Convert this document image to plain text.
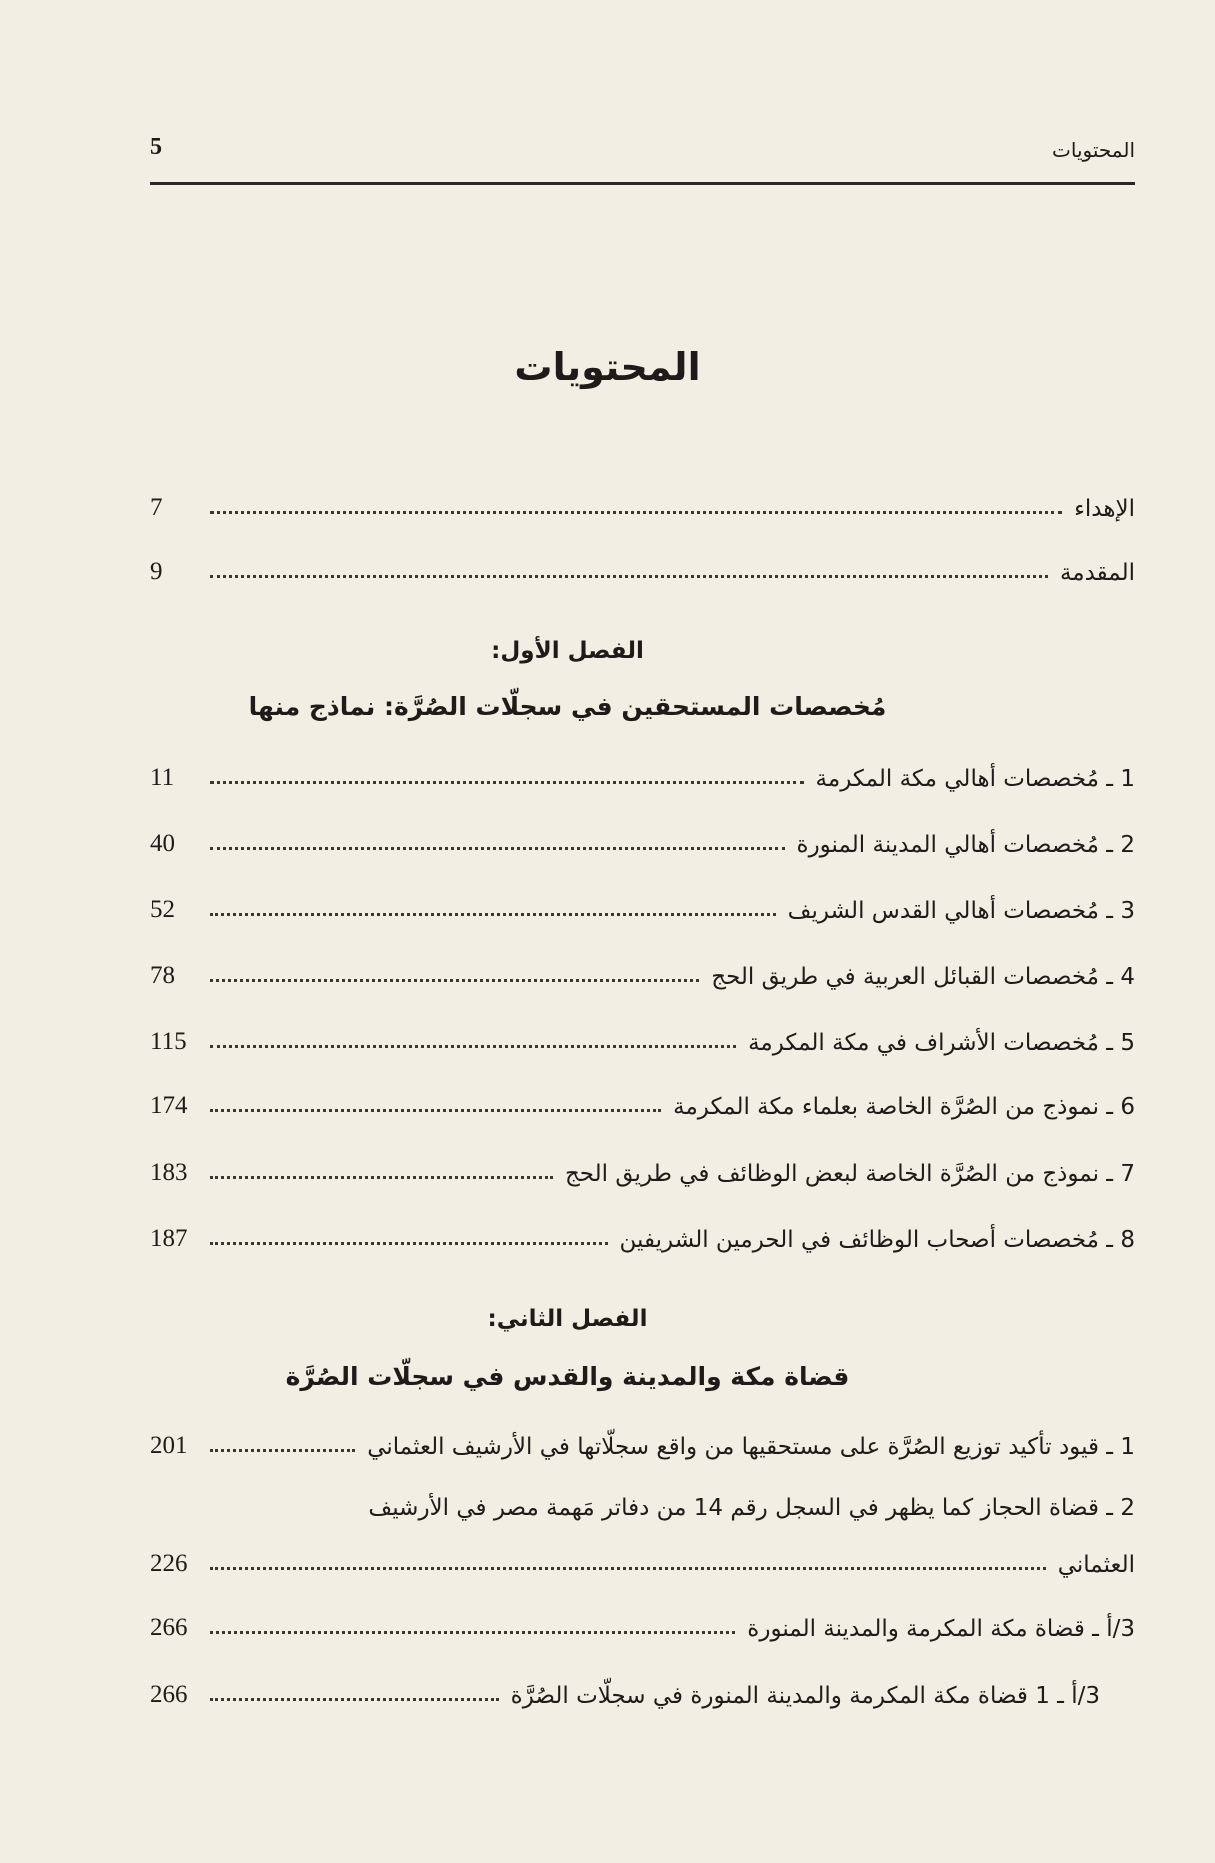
المحتويات
5
المحتويات
الإهداء
7
المقدمة
9
الفصل الأول:
مُخصصات المستحقين في سجلّات الصُرَّة: نماذج منها
1 ـ مُخصصات أهالي مكة المكرمة
11
2 ـ مُخصصات أهالي المدينة المنورة
40
3 ـ مُخصصات أهالي القدس الشريف
52
4 ـ مُخصصات القبائل العربية في طريق الحج
78
5 ـ مُخصصات الأشراف في مكة المكرمة
115
6 ـ نموذج من الصُرَّة الخاصة بعلماء مكة المكرمة
174
7 ـ نموذج من الصُرَّة الخاصة لبعض الوظائف في طريق الحج
183
8 ـ مُخصصات أصحاب الوظائف في الحرمين الشريفين
187
الفصل الثاني:
قضاة مكة والمدينة والقدس في سجلّات الصُرَّة
1 ـ قيود تأكيد توزيع الصُرَّة على مستحقيها من واقع سجلّاتها في الأرشيف العثماني
201
2 ـ قضاة الحجاز كما يظهر في السجل رقم 14 من دفاتر مَهمة مصر في الأرشيف
العثماني
226
3/أ ـ قضاة مكة المكرمة والمدينة المنورة
266
3/أ ـ 1 قضاة مكة المكرمة والمدينة المنورة في سجلّات الصُرَّة
266
